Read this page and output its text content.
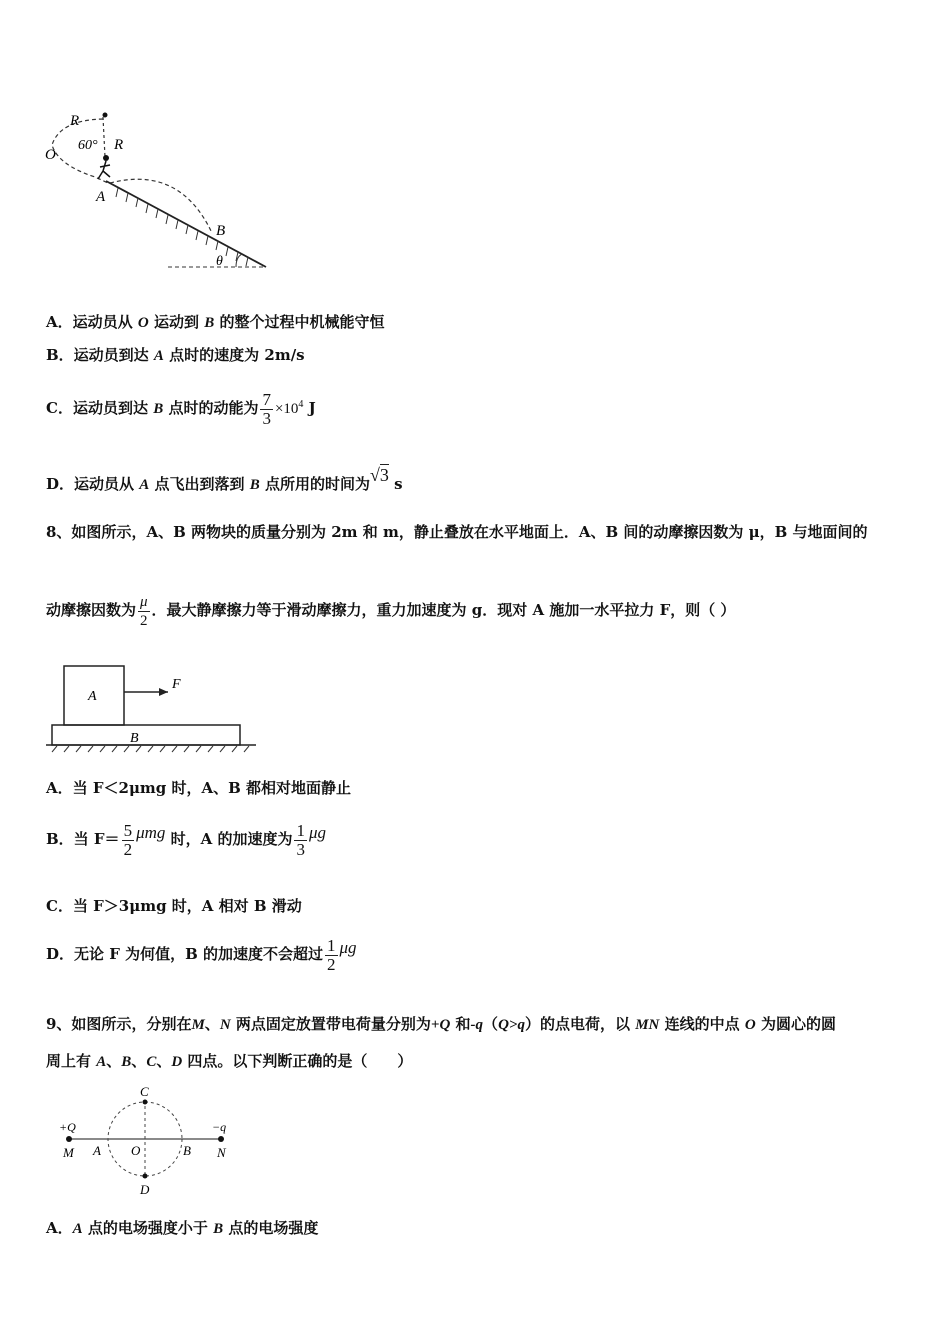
R
R
60°
O
A
B
θ
A．运动员从 O 运动到 B 的整个过程中机械能守恒
B．运动员到达 A 点时的速度为 2m/s
C．运动员到达 B 点时的动能为 $\frac{7}{3} \times 10^4$ J
D．运动员从 A 点飞出到落到 B 点所用的时间为√3 s
8、如图所示，A、B 两物块的质量分别为 2m 和 m，静止叠放在水平地面上．A、B 间的动摩擦因数为 μ，B 与地面间的
动摩擦因数为 $\frac{\mu}{2}$ ．最大静摩擦力等于滑动摩擦力，重力加速度为 g．现对 A 施加一水平拉力 F，则（ ）
A
B
F
A．当 F＜2μmg 时，A、B 都相对地面静止
B．当 $F= \frac{5}{2}$ μmg 时，A 的加速度为 $\frac{1}{3}$ μg
C．当 F＞3μmg 时，A 相对 B 滑动
D．无论 F 为何值，B 的加速度不会超过 $\frac{1}{2}$ μg
9、如图所示，分别在M、N 两点固定放置带电荷量分别为+Q 和-q（Q>q）的点电荷，以 MN 连线的中点 O 为圆心的圆
周上有 A、B、C、D 四点。以下判断正确的是（　　）
+Q	−q
M	N
A O	B
C
D
A．A 点的电场强度小于 B 点的电场强度
